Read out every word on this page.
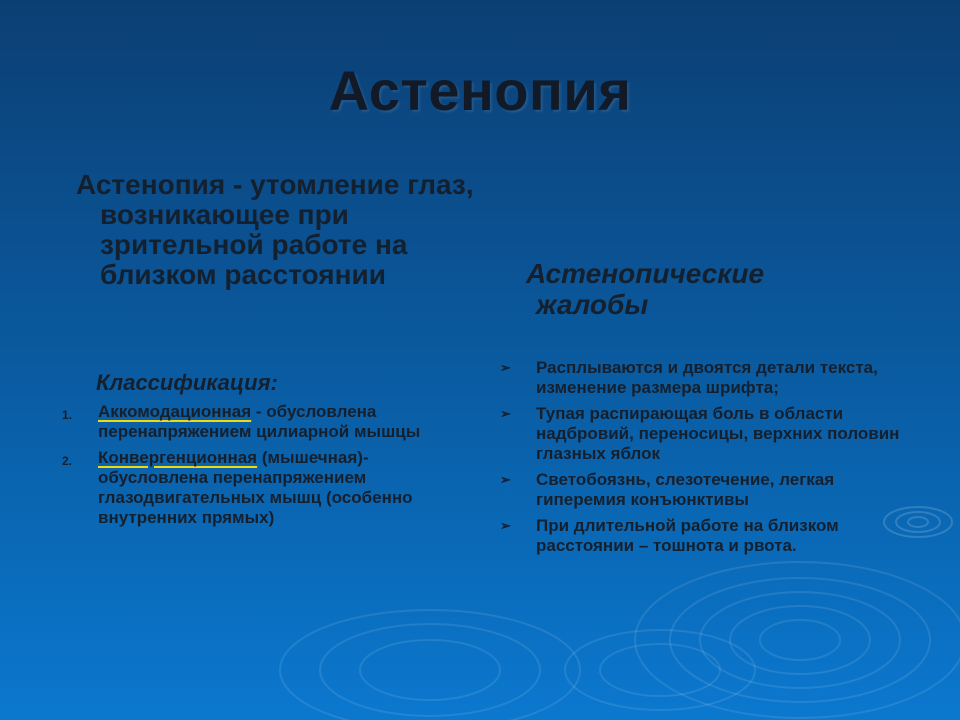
Астенопия
Астенопия - утомление глаз, возникающее при зрительной работе на близком расстоянии
Классификация:
1. Аккомодационная - обусловлена перенапряжением цилиарной мышцы
2. Конвергенционная (мышечная)- обусловлена перенапряжением глазодвигательных мышц (особенно внутренних прямых)
Астенопические
жалобы
➢ Расплываются и двоятся детали текста, изменение размера шрифта;
➢ Тупая распирающая боль в области надбровий, переносицы, верхних половин глазных яблок
➢ Светобоязнь, слезотечение, легкая гиперемия конъюнктивы
➢ При длительной работе на близком расстоянии – тошнота и рвота.
